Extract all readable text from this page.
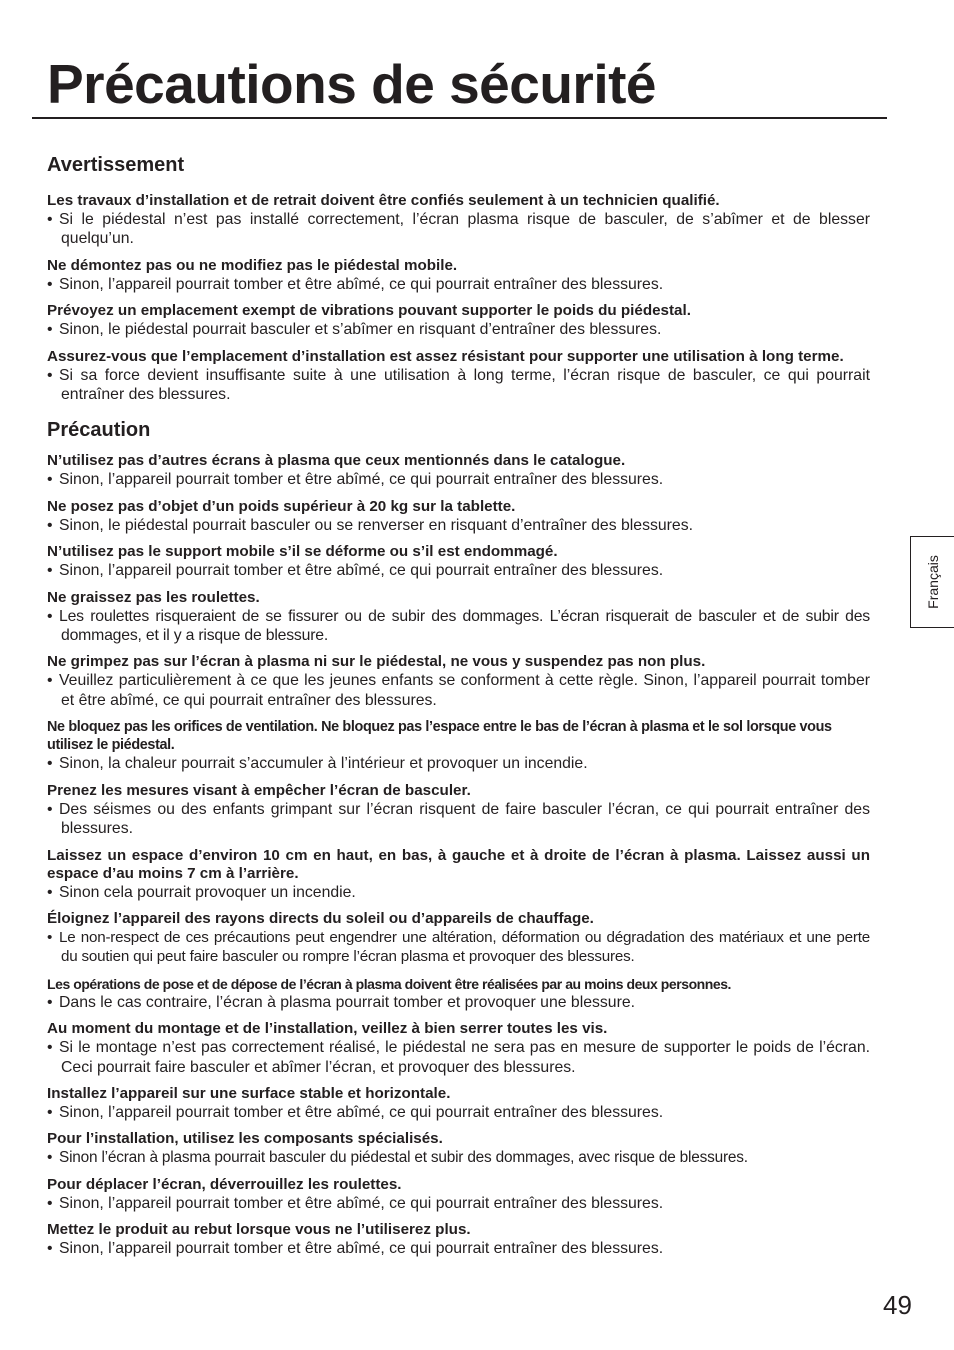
Précautions de sécurité
Avertissement
Les travaux d’installation et de retrait doivent être confiés seulement à un technicien qualifié.
• Si le piédestal n’est pas installé correctement, l’écran plasma risque de basculer, de s’abîmer et de blesser quelqu’un.
Ne démontez pas ou ne modifiez pas le piédestal mobile.
• Sinon, l’appareil pourrait tomber et être abîmé, ce qui pourrait entraîner des blessures.
Prévoyez un emplacement exempt de vibrations pouvant supporter le poids du piédestal.
• Sinon, le piédestal pourrait basculer et s’abîmer en risquant d’entraîner des blessures.
Assurez-vous que l’emplacement d’installation est assez résistant pour supporter une utilisation à long terme.
• Si sa force devient insuffisante suite à une utilisation à long terme, l’écran risque de basculer, ce qui pourrait entraîner des blessures.
Précaution
N’utilisez pas d’autres écrans à plasma que ceux mentionnés dans le catalogue.
• Sinon, l’appareil pourrait tomber et être abîmé, ce qui pourrait entraîner des blessures.
Ne posez pas d’objet d’un poids supérieur à 20 kg sur la tablette.
• Sinon, le piédestal pourrait basculer ou se renverser en risquant d’entraîner des blessures.
N’utilisez pas le support mobile s’il se déforme ou s’il est endommagé.
• Sinon, l’appareil pourrait tomber et être abîmé, ce qui pourrait entraîner des blessures.
Ne graissez pas les roulettes.
• Les roulettes risqueraient de se fissurer ou de subir des dommages. L’écran risquerait de basculer et de subir des dommages, et il y a risque de blessure.
Ne grimpez pas sur l’écran à plasma ni sur le piédestal, ne vous y suspendez pas non plus.
• Veuillez particulièrement à ce que les jeunes enfants se conforment à cette règle. Sinon, l’appareil pourrait tomber et être abîmé, ce qui pourrait entraîner des blessures.
Ne bloquez pas les orifices de ventilation. Ne bloquez pas l’espace entre le bas de l’écran à plasma et le sol lorsque vous utilisez le piédestal.
• Sinon, la chaleur pourrait s’accumuler à l’intérieur et provoquer un incendie.
Prenez les mesures visant à empêcher l’écran de basculer.
• Des séismes ou des enfants grimpant sur l’écran risquent de faire basculer l’écran, ce qui pourrait entraîner des blessures.
Laissez un espace d’environ 10 cm en haut, en bas, à gauche et à droite de l’écran à plasma. Laissez aussi un espace d’au moins 7 cm à l’arrière.
• Sinon cela pourrait provoquer un incendie.
Éloignez l’appareil des rayons directs du soleil ou d’appareils de chauffage.
• Le non-respect de ces précautions peut engendrer une altération, déformation ou dégradation des matériaux et une perte du soutien qui peut faire basculer ou rompre l’écran plasma et provoquer des blessures.
Les opérations de pose et de dépose de l’écran à plasma doivent être réalisées par au moins deux personnes.
• Dans le cas contraire, l’écran à plasma pourrait tomber et provoquer une blessure.
Au moment du montage et de l’installation, veillez à bien serrer toutes les vis.
• Si le montage n’est pas correctement réalisé, le piédestal ne sera pas en mesure de supporter le poids de l’écran. Ceci pourrait faire basculer et abîmer l’écran, et provoquer des blessures.
Installez l’appareil sur une surface stable et horizontale.
• Sinon, l’appareil pourrait tomber et être abîmé, ce qui pourrait entraîner des blessures.
Pour l’installation, utilisez les composants spécialisés.
• Sinon l’écran à plasma pourrait basculer du piédestal et subir des dommages, avec risque de blessures.
Pour déplacer l’écran, déverrouillez les roulettes.
• Sinon, l’appareil pourrait tomber et être abîmé, ce qui pourrait entraîner des blessures.
Mettez le produit au rebut lorsque vous ne l’utiliserez plus.
• Sinon, l’appareil pourrait tomber et être abîmé, ce qui pourrait entraîner des blessures.
Français
49
